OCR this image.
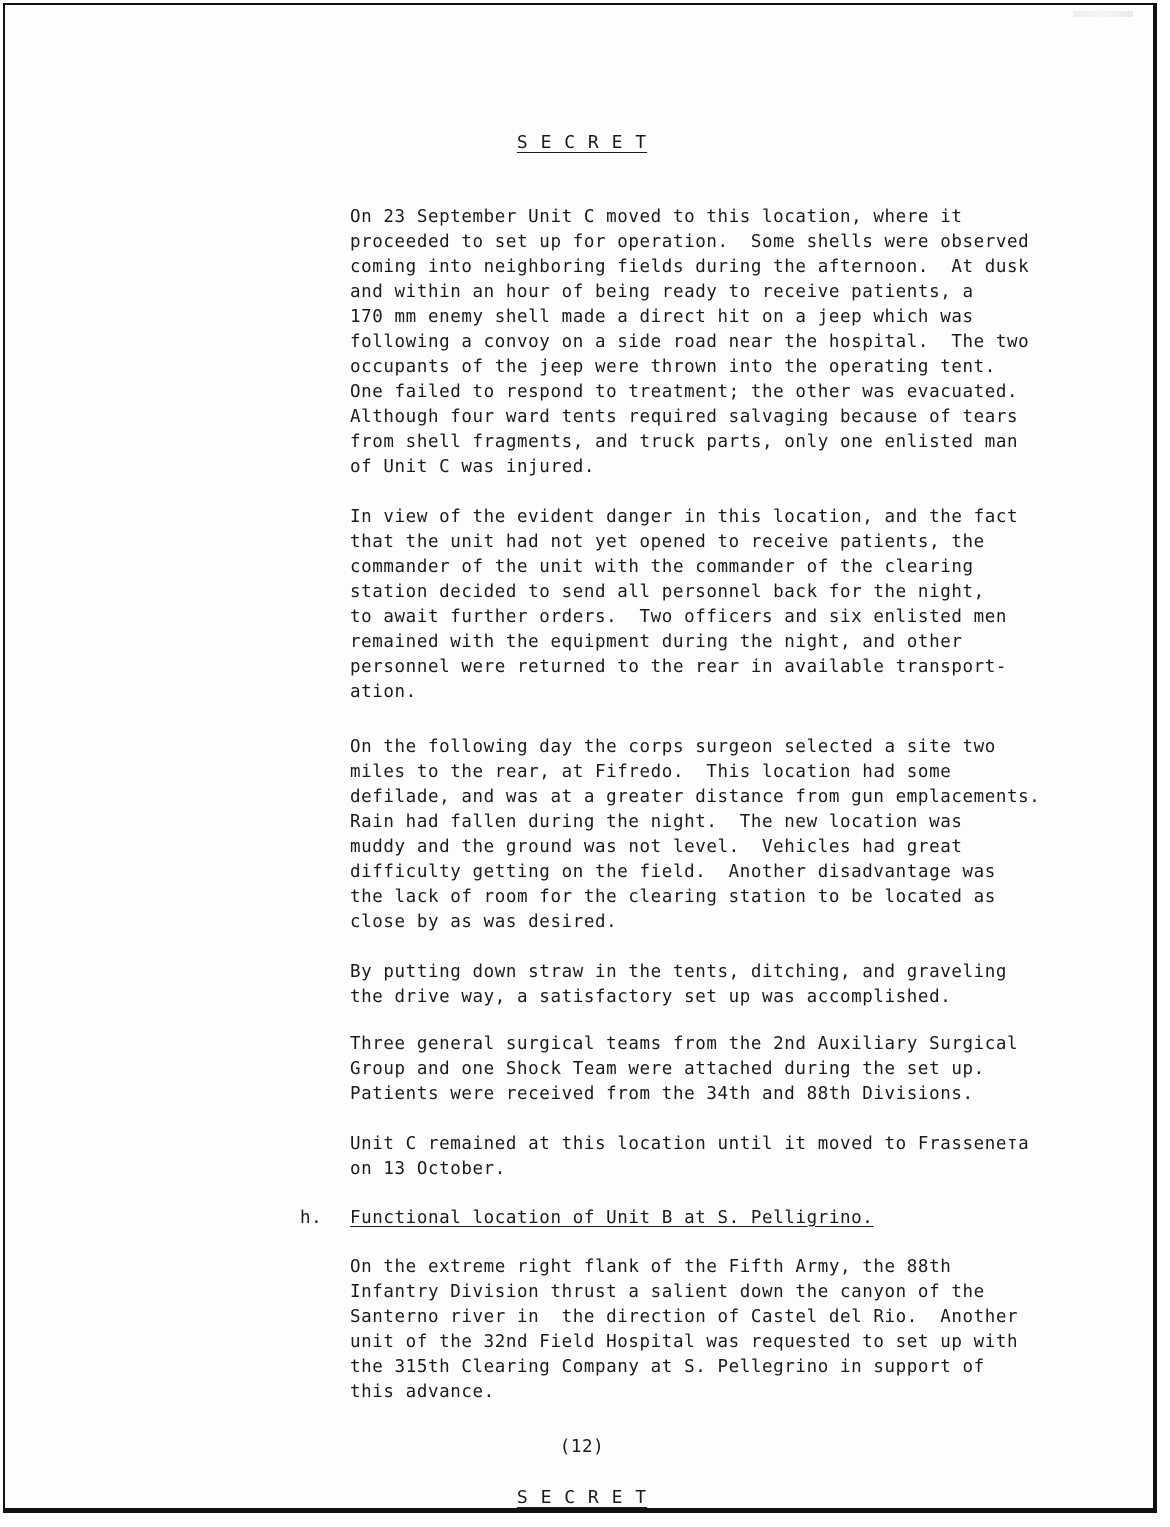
S E C R E T

On 23 September Unit C moved to this location, where it
proceeded to set up for operation.  Some shells were observed
coming into neighboring fields during the afternoon.  At dusk
and within an hour of being ready to receive patients, a
170 mm enemy shell made a direct hit on a jeep which was
following a convoy on a side road near the hospital.  The two
occupants of the jeep were thrown into the operating tent.
One failed to respond to treatment; the other was evacuated.
Although four ward tents required salvaging because of tears
from shell fragments, and truck parts, only one enlisted man
of Unit C was injured.

In view of the evident danger in this location, and the fact
that the unit had not yet opened to receive patients, the
commander of the unit with the commander of the clearing
station decided to send all personnel back for the night,
to await further orders.  Two officers and six enlisted men
remained with the equipment during the night, and other
personnel were returned to the rear in available transport-
ation.

On the following day the corps surgeon selected a site two
miles to the rear, at Fifredo.  This location had some
defilade, and was at a greater distance from gun emplacements.
Rain had fallen during the night.  The new location was
muddy and the ground was not level.  Vehicles had great
difficulty getting on the field.  Another disadvantage was
the lack of room for the clearing station to be located as
close by as was desired.

By putting down straw in the tents, ditching, and graveling
the drive way, a satisfactory set up was accomplished.

Three general surgical teams from the 2nd Auxiliary Surgical
Group and one Shock Team were attached during the set up.
Patients were received from the 34th and 88th Divisions.

Unit C remained at this location until it moved to Frassenета
on 13 October.

h. Functional location of Unit B at S. Pelligrino.

On the extreme right flank of the Fifth Army, the 88th
Infantry Division thrust a salient down the canyon of the
Santerno river in  the direction of Castel del Rio.  Another
unit of the 32nd Field Hospital was requested to set up with
the 315th Clearing Company at S. Pellegrino in support of
this advance.

(12)
S E C R E T
